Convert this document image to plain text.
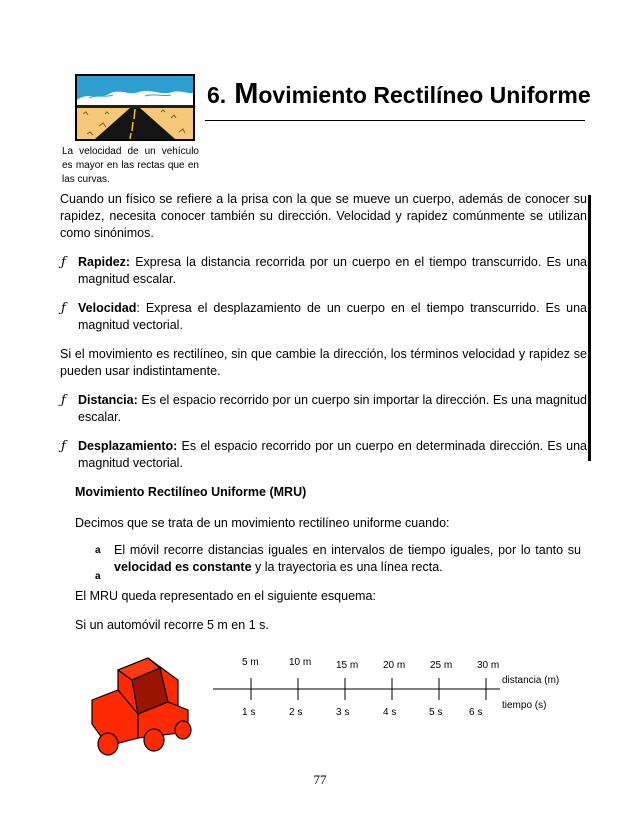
6. Movimiento Rectilíneo Uniforme
La velocidad de un vehículo es mayor en las rectas que en las curvas.

Cuando un físico se refiere a la prisa con la que se mueve un cuerpo, además de conocer su rapidez, necesita conocer también su dirección. Velocidad y rapidez comúnmente se utilizan como sinónimos.

ƒ Rapidez: Expresa la distancia recorrida por un cuerpo en el tiempo transcurrido. Es una magnitud escalar.

ƒ Velocidad: Expresa el desplazamiento de un cuerpo en el tiempo transcurrido. Es una magnitud vectorial.

Si el movimiento es rectilíneo, sin que cambie la dirección, los términos velocidad y rapidez se pueden usar indistintamente.

ƒ Distancia: Es el espacio recorrido por un cuerpo sin importar la dirección. Es una magnitud escalar.

ƒ Desplazamiento: Es el espacio recorrido por un cuerpo en determinada dirección. Es una magnitud vectorial.

Movimiento Rectilíneo Uniforme (MRU)
Decimos que se trata de un movimiento rectilíneo uniforme cuando:
a
a
El móvil recorre distancias iguales en intervalos de tiempo iguales, por lo tanto su velocidad es constante y la trayectoria es una línea recta.
El MRU queda representado en el siguiente esquema:
Si un automóvil recorre 5 m en 1 s.
5 m	10 m 15 m 20 m 25 m 30 m
1 s	2 s	3 s	4 s	5 s	6 s
distancia (m)
tiempo (s)
77
